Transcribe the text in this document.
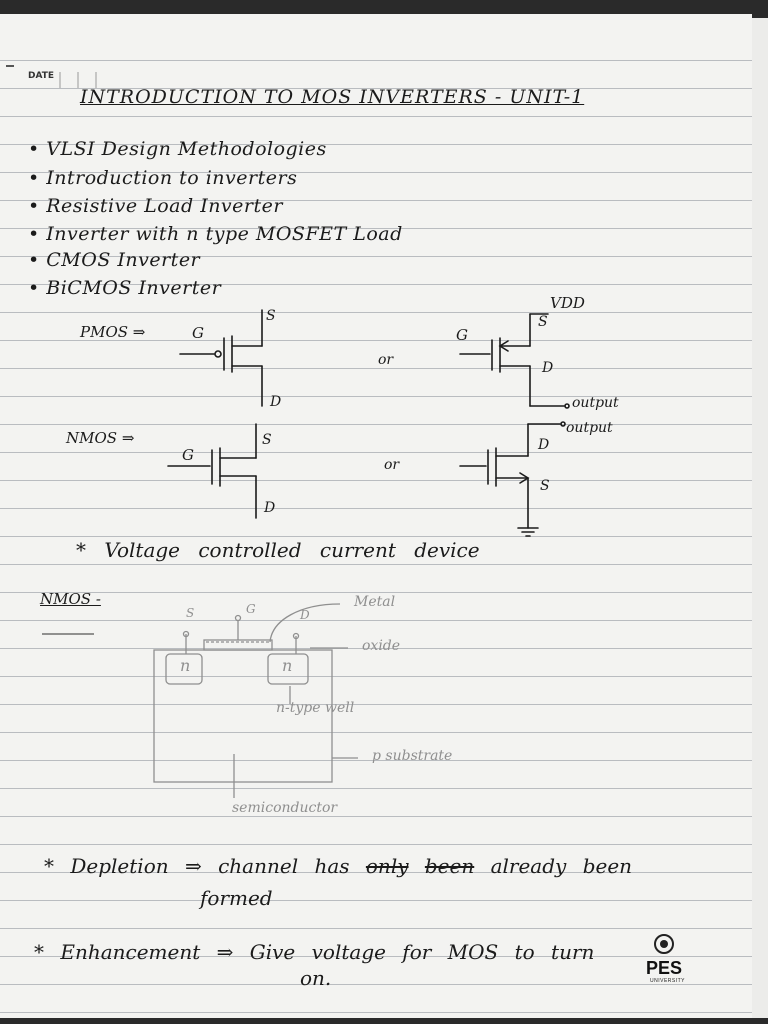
DATE
INTRODUCTION TO MOS INVERTERS - UNIT-1
• VLSI Design Methodologies
• Introduction to inverters
• Resistive Load Inverter
• Inverter with n type MOSFET Load
• CMOS Inverter
• BiCMOS Inverter
PMOS ⇒	G
S
D
or
G
S
VDD
D
output
NMOS ⇒
G
S
D
or
output
D
S
* Voltage controlled current device
NMOS -
S	G	D
n	n
Metal
oxide
n-type well
p substrate
semiconductor
* Depletion ⇒ channel has only been already been
formed
* Enhancement ⇒ Give voltage for MOS to turn
on.	PES
UNIVERSITY
